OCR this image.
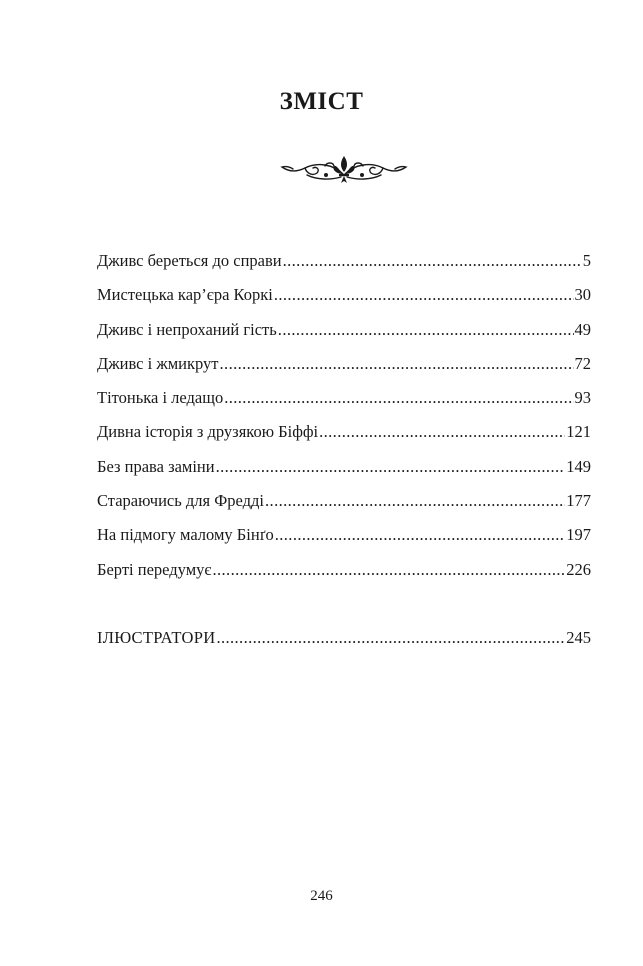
ЗМІСТ
Дживс береться до справи .....	5
Мистецька кар’єра Коркі .....	30
Дживс і непроханий гість .....	49
Дживс і жмикрут .....	72
Тітонька і ледащо .....	93
Дивна історія з друзякою Біффі .....	121
Без права заміни .....	149
Стараючись для Фредді .....	177
На підмогу малому Бінґо .....	197
Берті передумує .....	226
ІЛЮСТРАТОРИ .....	245
246
